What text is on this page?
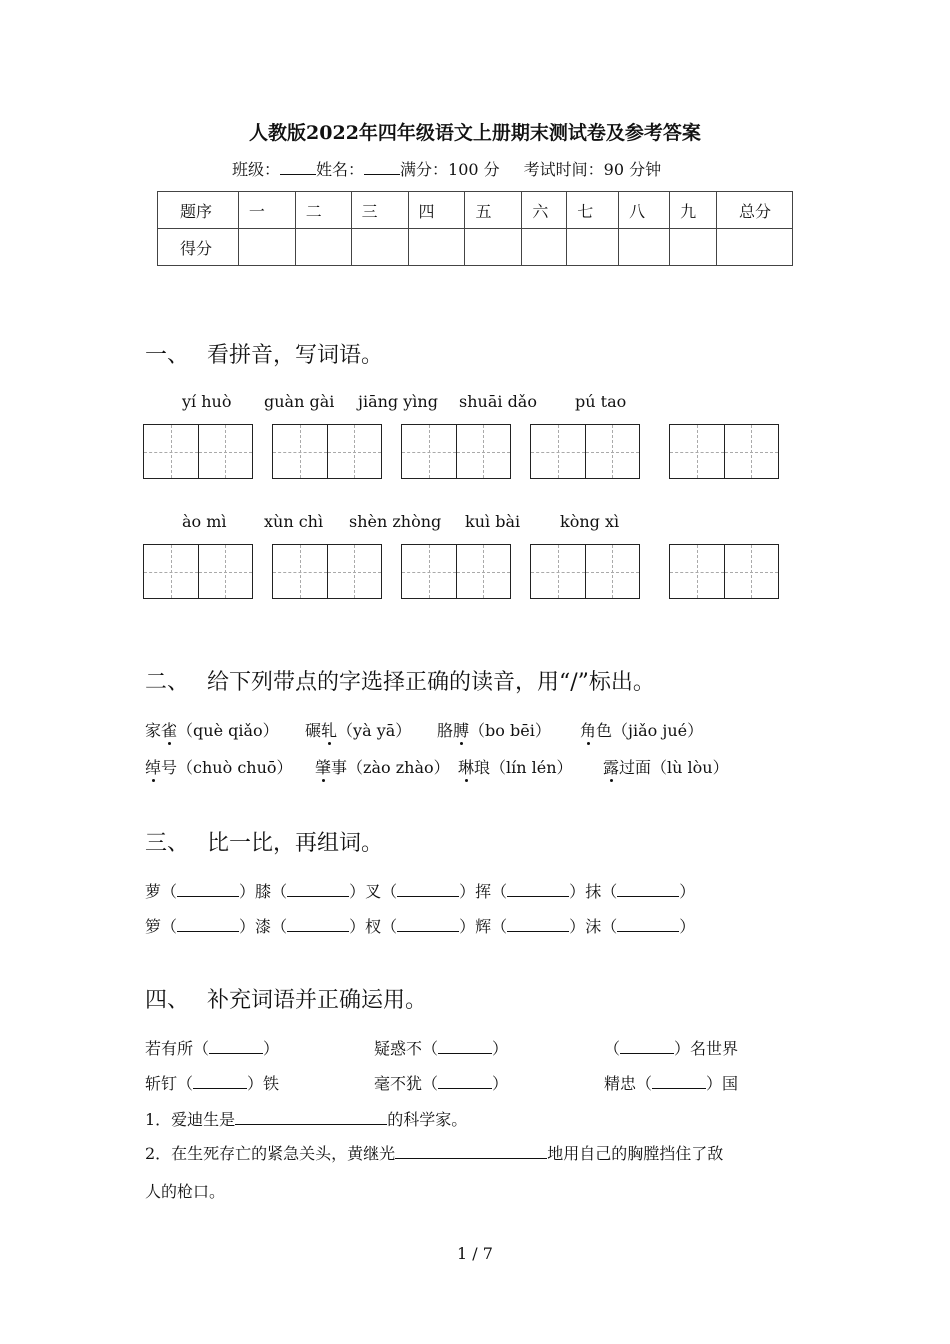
人教版2022年四年级语文上册期末测试卷及参考答案
班级： 姓名： 满分：100 分 考试时间：90 分钟
题序	一	二	三	四	五	六	七	八	九	总分
得分										
一、 看拼音，写词语。
yí huò guàn gài jiāng yìng shuāi dǎo pú tao
ào mì xùn chì shèn zhòng kuì bài kòng xì
二、 给下列带点的字选择正确的读音，用“/”标出。
家雀（què qiǎo） 碾轧（yà yā） 胳膊（bo bēi） 角色（jiǎo jué）
绰号（chuò chuō） 肇事（zào zhào） 琳琅（lín lén） 露过面（lù lòu）
三、 比一比，再组词。
萝（	）膝（	）叉（	）挥（	）抹（	）
箩（	）漆（	）杈（	）辉（	）沫（	）
四、 补充词语并正确运用。
若有所（	）	疑惑不（	）	（	）名世界
斩钉（	）铁	毫不犹（	）	精忠（	）国
1．爱迪生是	的科学家。
2．在生死存亡的紧急关头，黄继光	地用自己的胸膛挡住了敌
人的枪口。
1 / 7
